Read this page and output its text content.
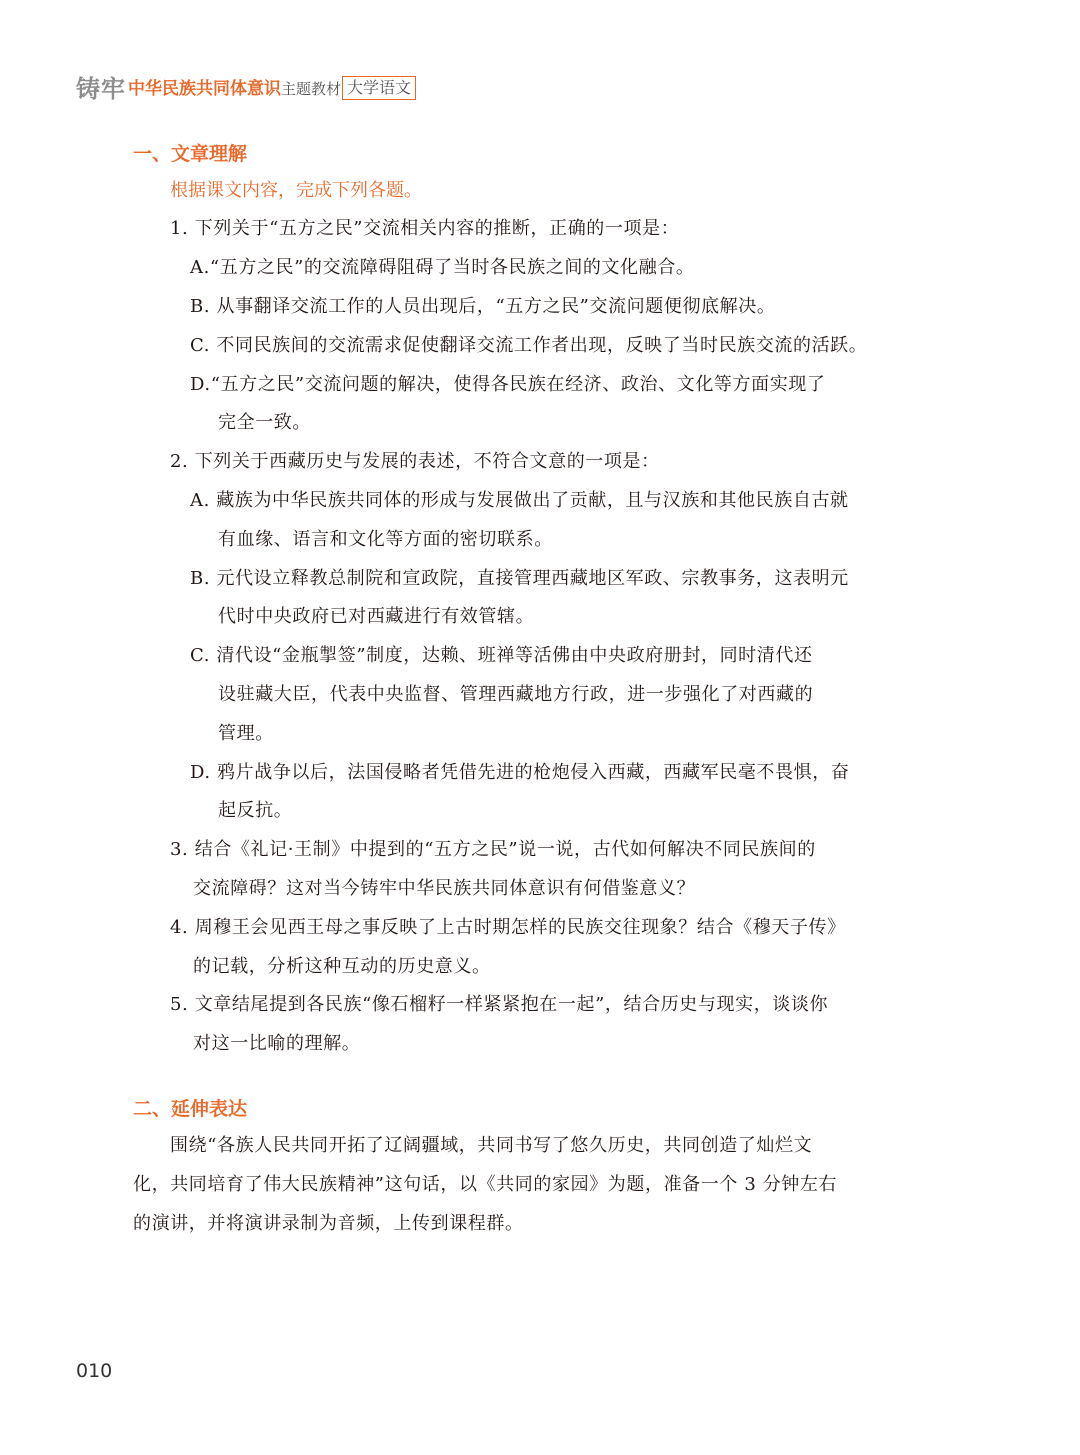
铸牢 中华民族共同体意识 主题教材 大学语文
一、文章理解
根据课文内容，完成下列各题。
1. 下列关于“五方之民”交流相关内容的推断，正确的一项是：
A.“五方之民”的交流障碍阻碍了当时各民族之间的文化融合。
B. 从事翻译交流工作的人员出现后，“五方之民”交流问题便彻底解决。
C. 不同民族间的交流需求促使翻译交流工作者出现，反映了当时民族交流的活跃。
D.“五方之民”交流问题的解决，使得各民族在经济、政治、文化等方面实现了
完全一致。
2. 下列关于西藏历史与发展的表述，不符合文意的一项是：
A. 藏族为中华民族共同体的形成与发展做出了贡献，且与汉族和其他民族自古就
有血缘、语言和文化等方面的密切联系。
B. 元代设立释教总制院和宣政院，直接管理西藏地区军政、宗教事务，这表明元
代时中央政府已对西藏进行有效管辖。
C. 清代设“金瓶掣签”制度，达赖、班禅等活佛由中央政府册封，同时清代还
设驻藏大臣，代表中央监督、管理西藏地方行政，进一步强化了对西藏的
管理。
D. 鸦片战争以后，法国侵略者凭借先进的枪炮侵入西藏，西藏军民毫不畏惧，奋
起反抗。
3. 结合《礼记·王制》中提到的“五方之民”说一说，古代如何解决不同民族间的
交流障碍？这对当今铸牢中华民族共同体意识有何借鉴意义？
4. 周穆王会见西王母之事反映了上古时期怎样的民族交往现象？结合《穆天子传》
的记载，分析这种互动的历史意义。
5. 文章结尾提到各民族“像石榴籽一样紧紧抱在一起”，结合历史与现实，谈谈你
对这一比喻的理解。
二、延伸表达
围绕“各族人民共同开拓了辽阔疆域，共同书写了悠久历史，共同创造了灿烂文
化，共同培育了伟大民族精神”这句话，以《共同的家园》为题，准备一个 3 分钟左右
的演讲，并将演讲录制为音频，上传到课程群。
010
